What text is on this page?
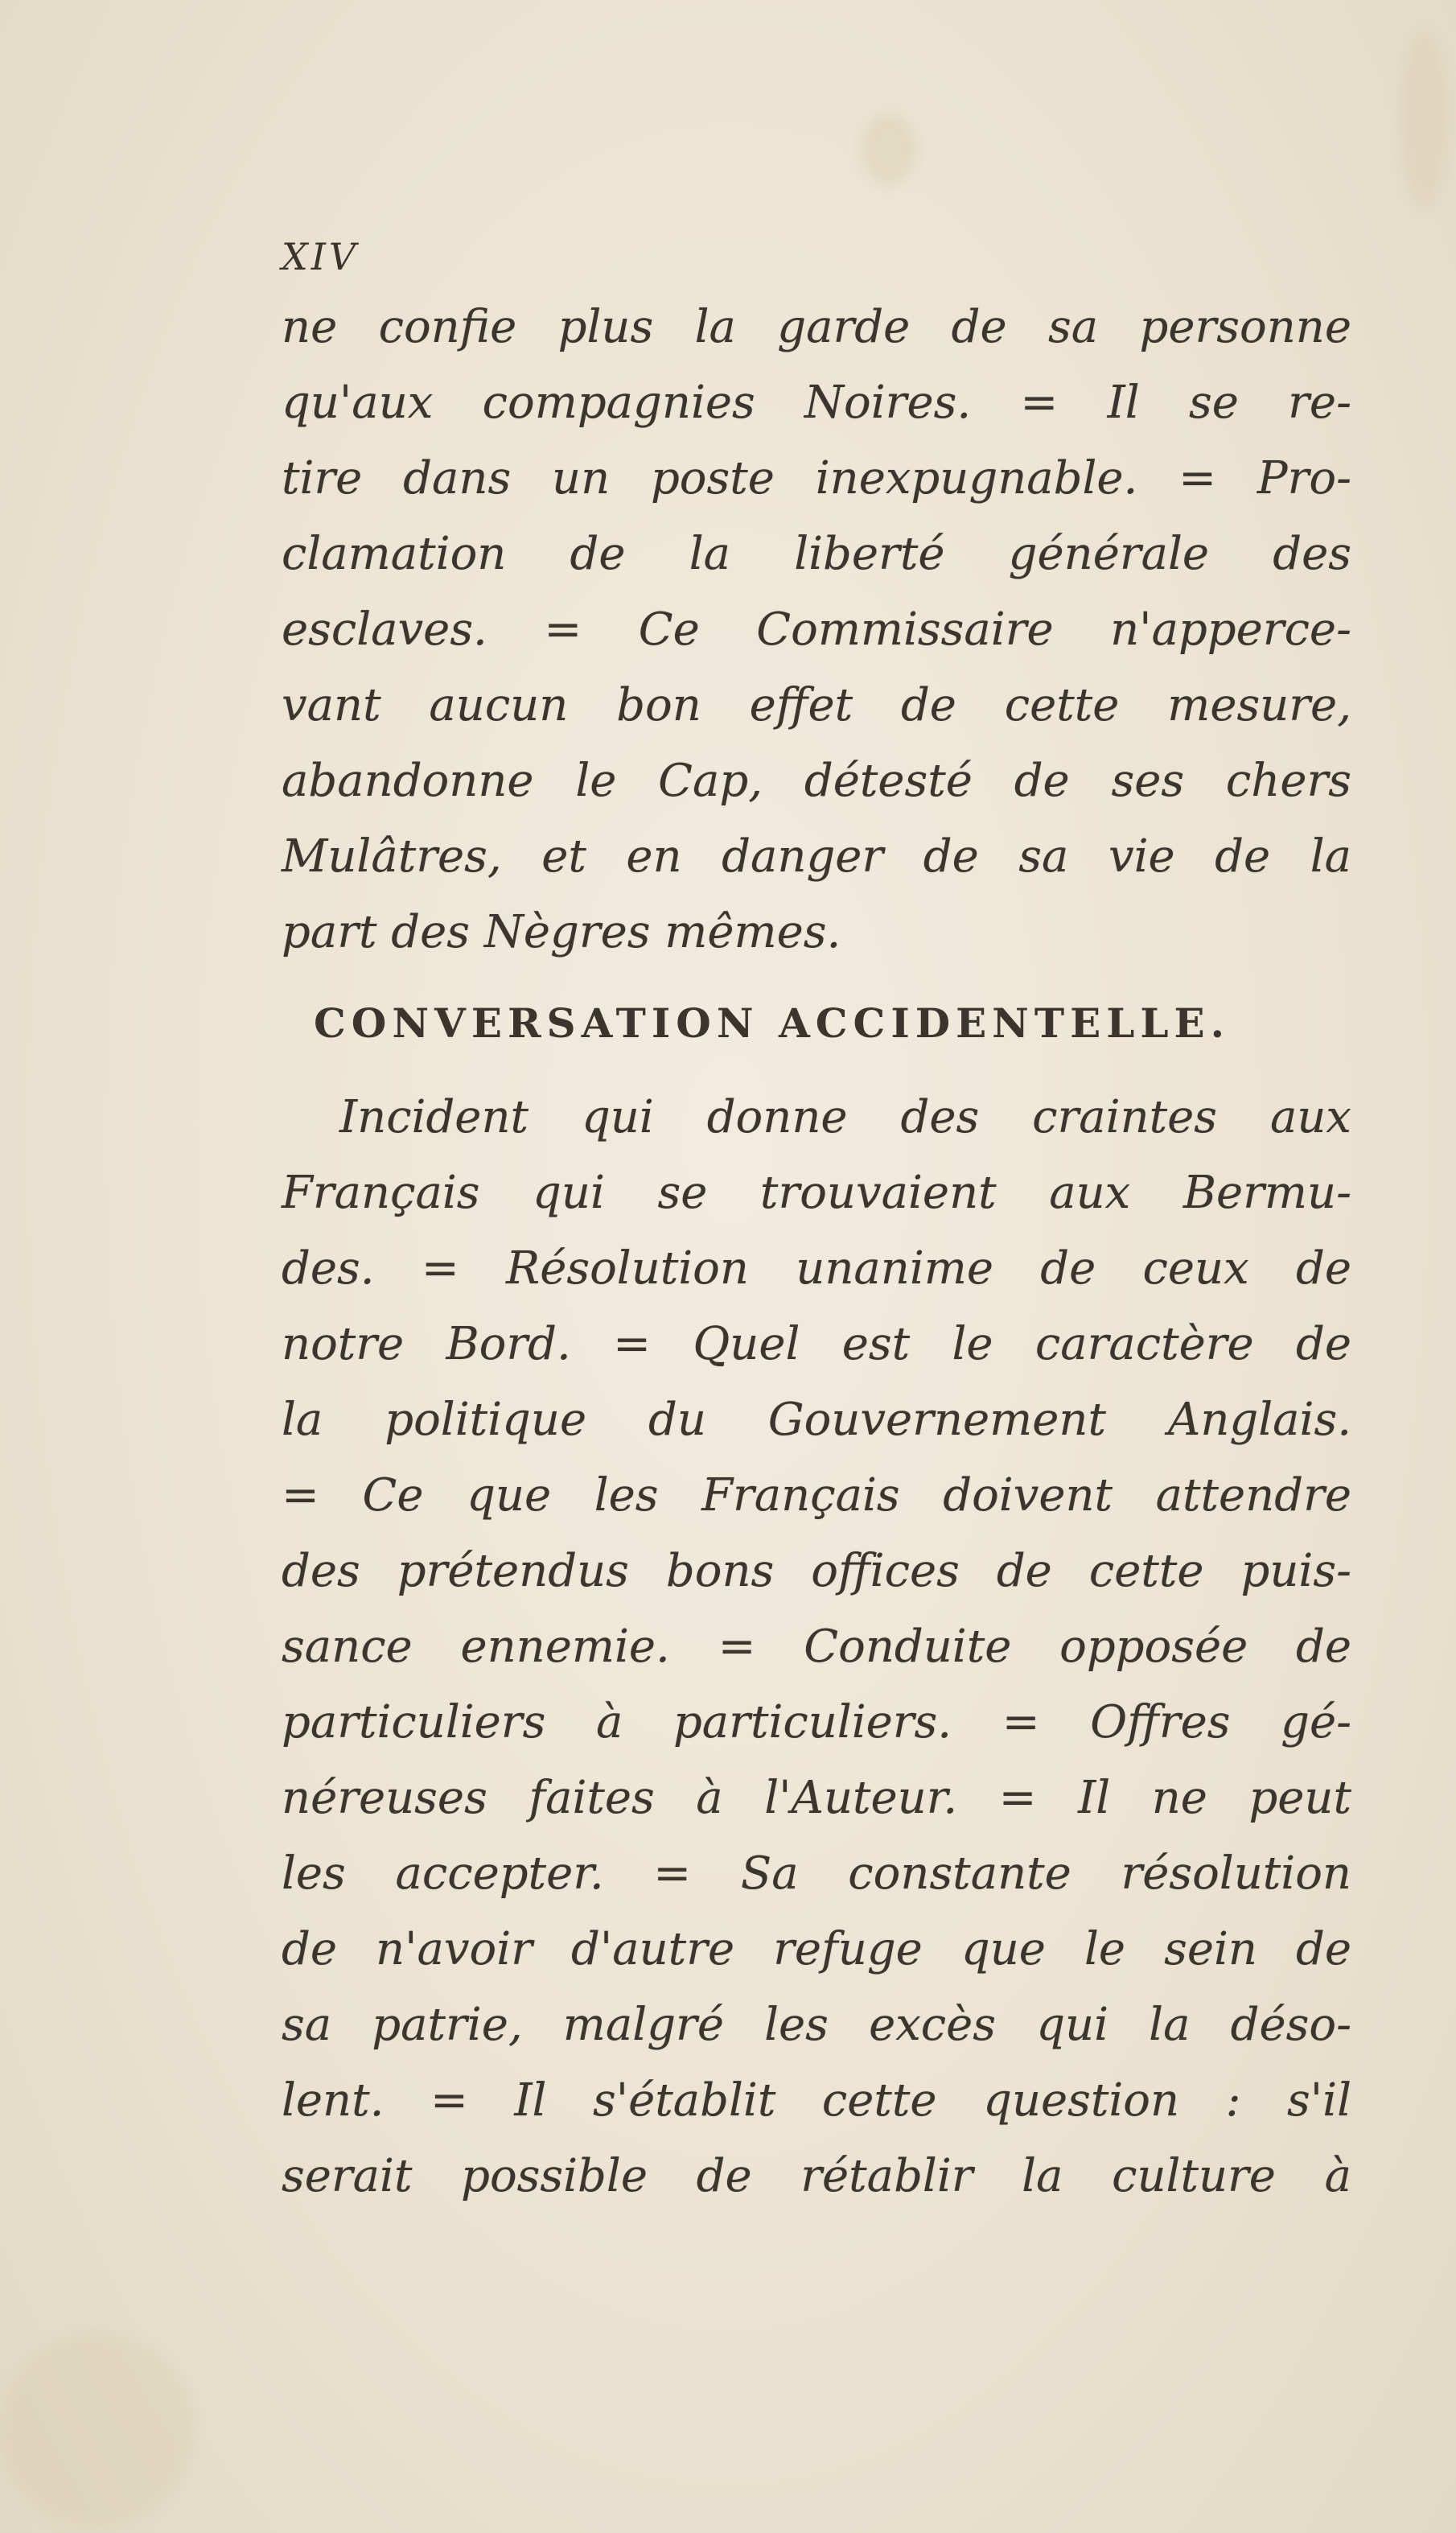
XIV
ne confie plus la garde de sa personne
qu'aux compagnies Noires. = Il se re-
tire dans un poste inexpugnable. = Pro-
clamation de la liberté générale des
esclaves. = Ce Commissaire n'apperce-
vant aucun bon effet de cette mesure,
abandonne le Cap, détesté de ses chers
Mulâtres, et en danger de sa vie de la
part des Nègres mêmes.
CONVERSATION ACCIDENTELLE.
Incident qui donne des craintes aux
Français qui se trouvaient aux Bermu-
des. = Résolution unanime de ceux de
notre Bord. = Quel est le caractère de
la politique du Gouvernement Anglais.
= Ce que les Français doivent attendre
des prétendus bons offices de cette puis-
sance ennemie. = Conduite opposée de
particuliers à particuliers. = Offres gé-
néreuses faites à l'Auteur. = Il ne peut
les accepter. = Sa constante résolution
de n'avoir d'autre refuge que le sein de
sa patrie, malgré les excès qui la déso-
lent. = Il s'établit cette question : s'il
serait possible de rétablir la culture à
